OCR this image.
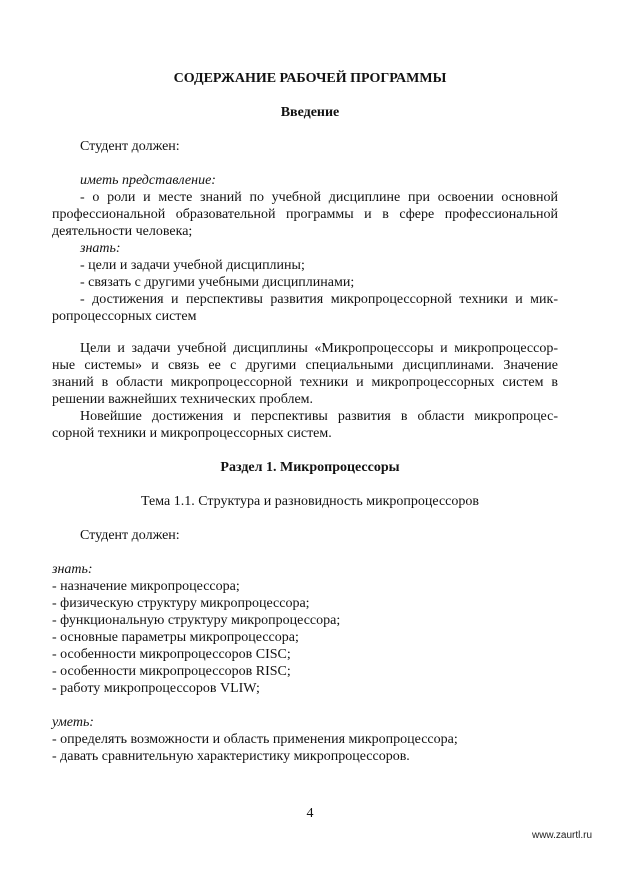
СОДЕРЖАНИЕ РАБОЧЕЙ ПРОГРАММЫ
Введение
Студент должен:
иметь представление:
- о роли и месте знаний по учебной дисциплине при освоении основной
профессиональной образовательной программы и в сфере профессиональной
деятельности человека;
знать:
- цели и задачи учебной дисциплины;
- связать с другими учебными дисциплинами;
- достижения и перспективы развития микропроцессорной техники и мик-
ропроцессорных систем
Цели и задачи учебной дисциплины «Микропроцессоры и микропроцессор-
ные системы» и связь ее с другими специальными дисциплинами. Значение
знаний в области микропроцессорной техники и микропроцессорных систем в
решении важнейших технических проблем.
Новейшие достижения и перспективы развития в области микропроцес-
сорной техники и микропроцессорных систем.
Раздел 1. Микропроцессоры
Тема 1.1. Структура и разновидность микропроцессоров
Студент должен:
знать:
- назначение микропроцессора;
- физическую структуру микропроцессора;
- функциональную структуру микропроцессора;
- основные параметры микропроцессора;
- особенности микропроцессоров CISC;
- особенности микропроцессоров RISC;
- работу микропроцессоров VLIW;
уметь:
- определять возможности и область применения микропроцессора;
- давать сравнительную характеристику микропроцессоров.
4
www.zaurtl.ru
